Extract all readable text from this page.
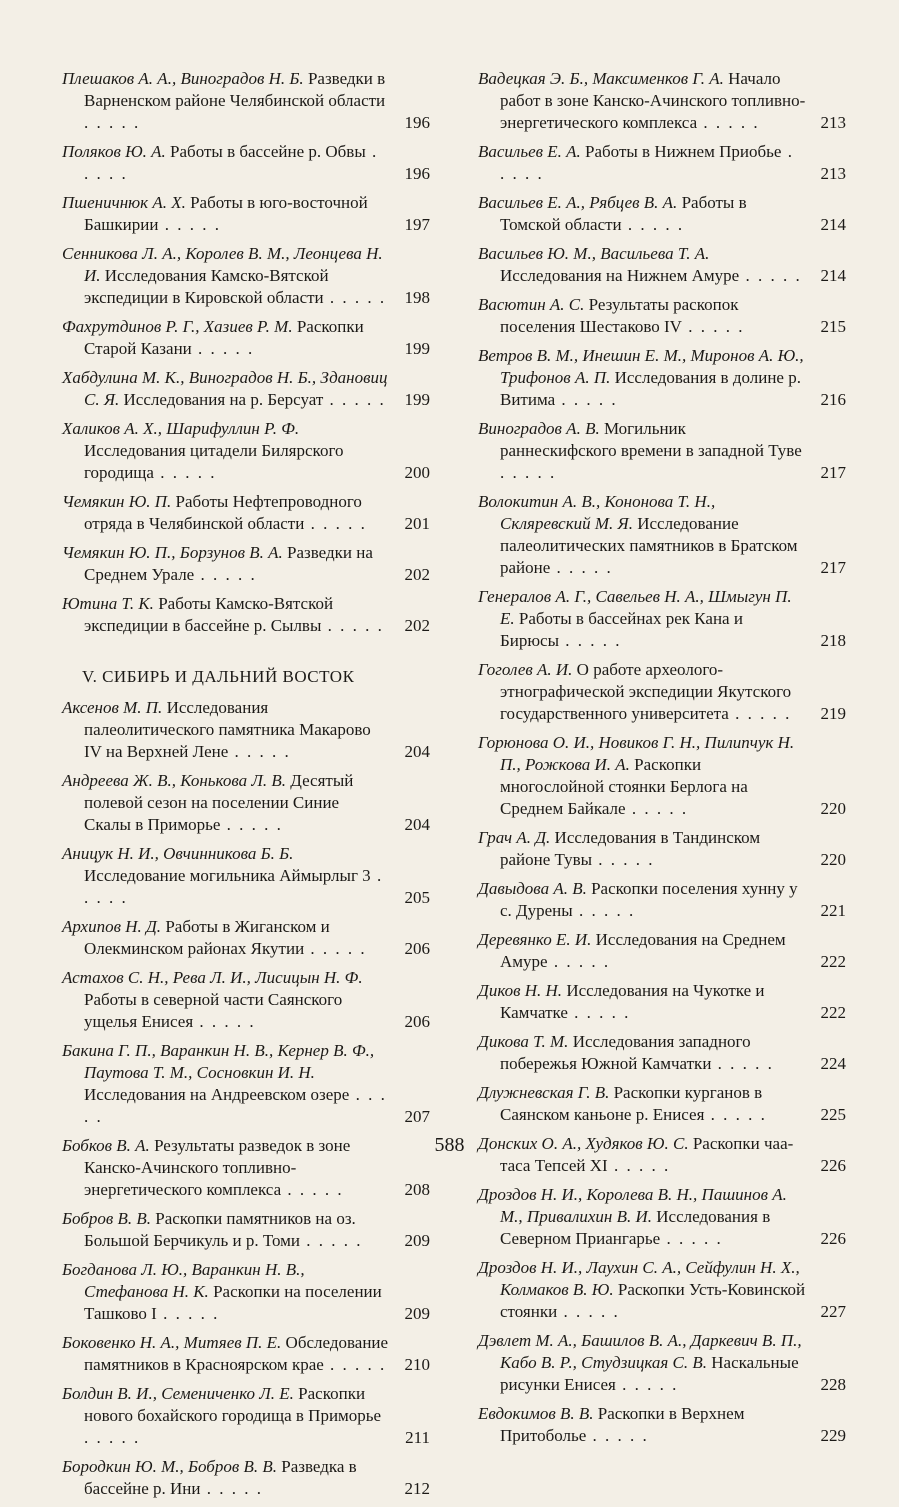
Плешаков А. А., Виноградов Н. Б. Разведки в Варненском районе Челябинской области . . . . .	196
Поляков Ю. А. Работы в бассейне р. Обвы . . . . .	196
Пшеничнюк А. Х. Работы в юго-восточной Башкирии . . . . .	197
Сенникова Л. А., Королев В. М., Леонцева Н. И. Исследования Камско-Вятской экспедиции в Кировской области . . . . .	198
Фахрутдинов Р. Г., Хазиев Р. М. Раскопки Старой Казани . . . . .	199
Хабдулина М. К., Виноградов Н. Б., Здановиц С. Я. Исследования на р. Берсуат . . . . .	199
Халиков А. Х., Шарифуллин Р. Ф. Исследования цитадели Билярского городища . . . . .	200
Чемякин Ю. П. Работы Нефтепроводного отряда в Челябинской области . . . . .	201
Чемякин Ю. П., Борзунов В. А. Разведки на Среднем Урале . . . . .	202
Ютина Т. К. Работы Камско-Вятской экспедиции в бассейне р. Сылвы . . . . .	202
V. СИБИРЬ И ДАЛЬНИЙ ВОСТОК
Аксенов М. П. Исследования палеолитического памятника Макарово IV на Верхней Лене . . . . .	204
Андреева Ж. В., Конькова Л. В. Десятый полевой сезон на поселении Синие Скалы в Приморье . . . . .	204
Аницук Н. И., Овчинникова Б. Б. Исследование могильника Аймырлыг 3 . . . . .	205
Архипов Н. Д. Работы в Жиганском и Олекминском районах Якутии . . . . .	206
Астахов С. Н., Рева Л. И., Лисицын Н. Ф. Работы в северной части Саянского ущелья Енисея . . . . .	206
Бакина Г. П., Варанкин Н. В., Кернер В. Ф., Паутова Т. М., Сосновкин И. Н. Исследования на Андреевском озере . . . . .	207
Бобков В. А. Результаты разведок в зоне Канско-Ачинского топливно-энергетического комплекса . . . . .	208
Бобров В. В. Раскопки памятников на оз. Большой Берчикуль и р. Томи . . . . .	209
Богданова Л. Ю., Варанкин Н. В., Стефанова Н. К. Раскопки на поселении Ташково I . . . . .	209
Боковенко Н. А., Митяев П. Е. Обследование памятников в Красноярском крае . . . . .	210
Болдин В. И., Семениченко Л. Е. Раскопки нового бохайского городища в Приморье . . . . .	211
Бородкин Ю. М., Бобров В. В. Разведка в бассейне р. Ини . . . . .	212
Вадецкая Э. Б., Максименков Г. А. Начало работ в зоне Канско-Ачинского топливно-энергетического комплекса . . . . .	213
Васильев Е. А. Работы в Нижнем Приобье . . . . .	213
Васильев Е. А., Рябцев В. А. Работы в Томской области . . . . .	214
Васильев Ю. М., Васильева Т. А. Исследования на Нижнем Амуре . . . . .	214
Васютин А. С. Результаты раскопок поселения Шестаково IV . . . . .	215
Ветров В. М., Инешин Е. М., Миронов А. Ю., Трифонов А. П. Исследования в долине р. Витима . . . . .	216
Виноградов А. В. Могильник раннескифского времени в западной Туве . . . . .	217
Волокитин А. В., Кононова Т. Н., Скляревский М. Я. Исследование палеолитических памятников в Братском районе . . . . .	217
Генералов А. Г., Савельев Н. А., Шмыгун П. Е. Работы в бассейнах рек Кана и Бирюсы . . . . .	218
Гоголев А. И. О работе археолого-этнографической экспедиции Якутского государственного университета . . . . .	219
Горюнова О. И., Новиков Г. Н., Пилипчук Н. П., Рожкова И. А. Раскопки многослойной стоянки Берлога на Среднем Байкале . . . . .	220
Грач А. Д. Исследования в Тандинском районе Тувы . . . . .	220
Давыдова А. В. Раскопки поселения хунну у с. Дурены . . . . .	221
Деревянко Е. И. Исследования на Среднем Амуре . . . . .	222
Диков Н. Н. Исследования на Чукотке и Камчатке . . . . .	222
Дикова Т. М. Исследования западного побережья Южной Камчатки . . . . .	224
Длужневская Г. В. Раскопки курганов в Саянском каньоне р. Енисея . . . . .	225
Донских О. А., Худяков Ю. С. Раскопки чаа-таса Тепсей XI . . . . .	226
Дроздов Н. И., Королева В. Н., Пашинов А. М., Привалихин В. И. Исследования в Северном Приангарье . . . . .	226
Дроздов Н. И., Лаухин С. А., Сейфулин Н. Х., Колмаков В. Ю. Раскопки Усть-Ковинской стоянки . . . . .	227
Дэвлет М. А., Башилов В. А., Даркевич В. П., Кабо В. Р., Студзицкая С. В. Наскальные рисунки Енисея . . . . .	228
Евдокимов В. В. Раскопки в Верхнем Притоболье . . . . .	229
588
